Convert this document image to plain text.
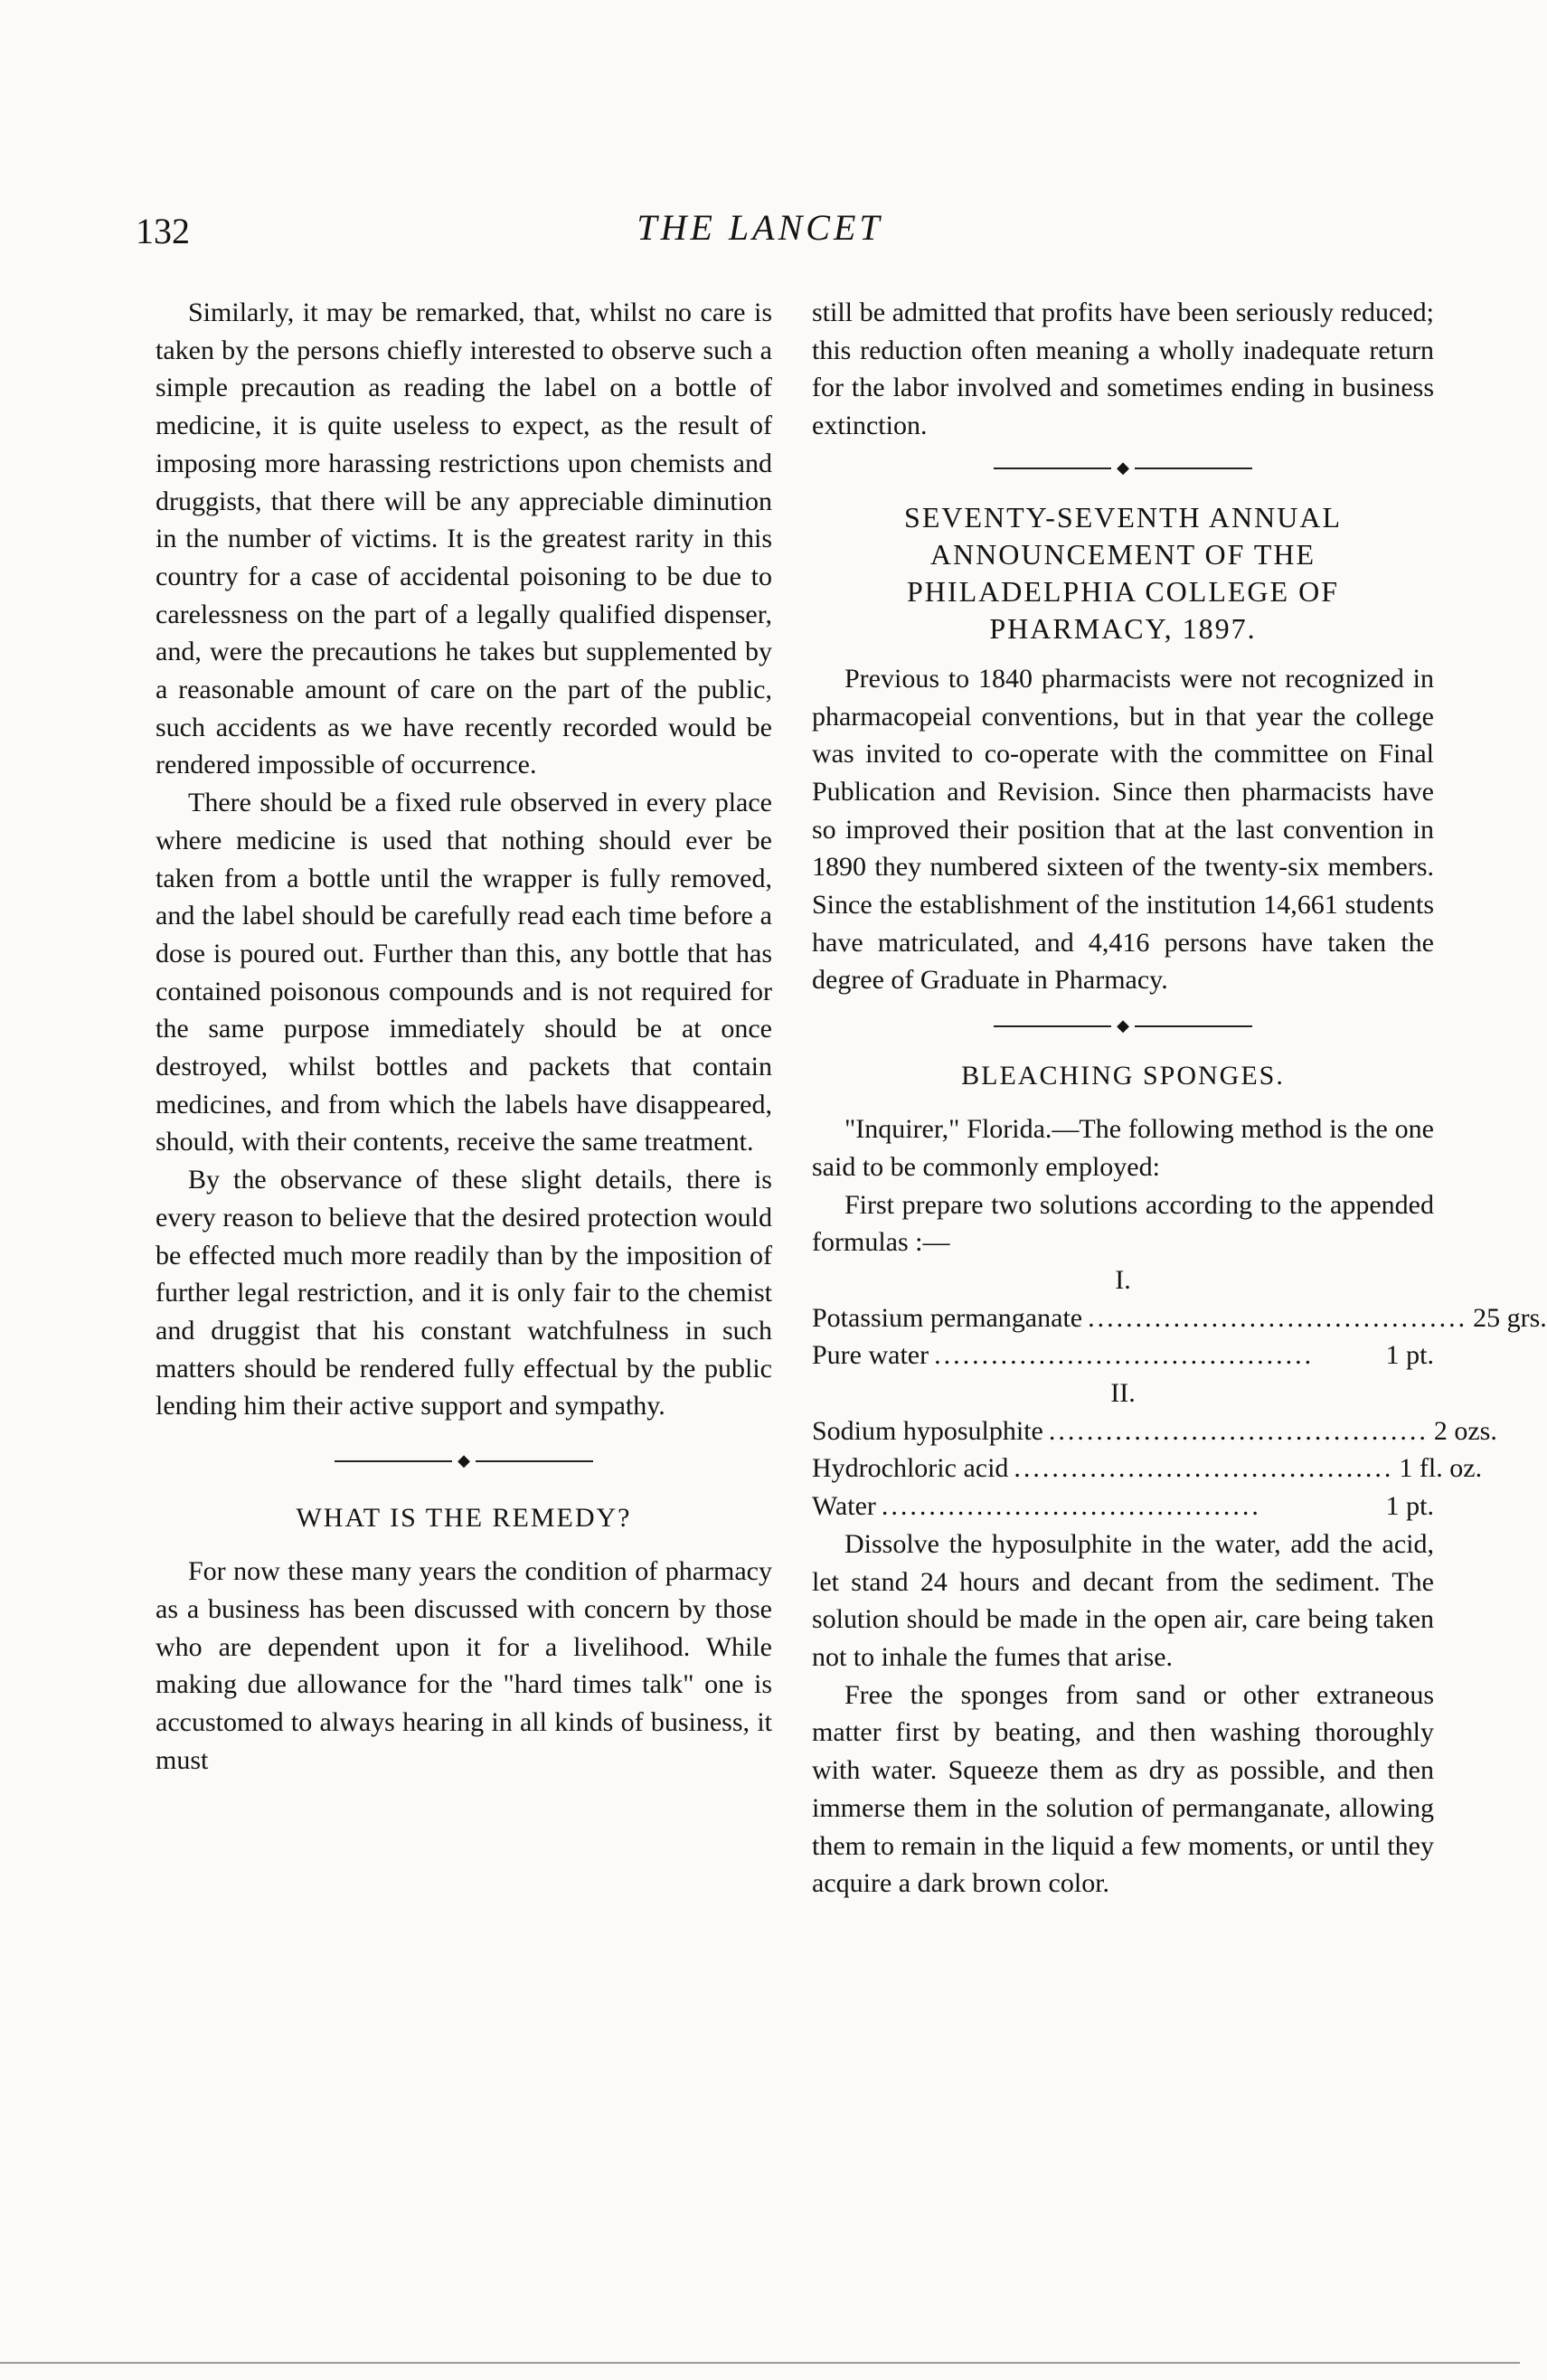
132	THE LANCET

Similarly, it may be remarked, that, whilst no care is taken by the persons chiefly interested to observe such a simple precaution as reading the label on a bottle of medicine, it is quite useless to expect, as the result of imposing more harassing restrictions upon chemists and druggists, that there will be any appreciable diminution in the number of victims. It is the greatest rarity in this country for a case of accidental poisoning to be due to carelessness on the part of a legally qualified dispenser, and, were the precautions he takes but supplemented by a reasonable amount of care on the part of the public, such accidents as we have recently recorded would be rendered impossible of occurrence.

There should be a fixed rule observed in every place where medicine is used that nothing should ever be taken from a bottle until the wrapper is fully removed, and the label should be carefully read each time before a dose is poured out. Further than this, any bottle that has contained poisonous compounds and is not required for the same purpose immediately should be at once destroyed, whilst bottles and packets that contain medicines, and from which the labels have disappeared, should, with their contents, receive the same treatment.

By the observance of these slight details, there is every reason to believe that the desired protection would be effected much more readily than by the imposition of further legal restriction, and it is only fair to the chemist and druggist that his constant watchfulness in such matters should be rendered fully effectual by the public lending him their active support and sympathy.

◆
WHAT IS THE REMEDY?

For now these many years the condition of pharmacy as a business has been discussed with concern by those who are dependent upon it for a livelihood. While making due allowance for the "hard times talk" one is accustomed to always hearing in all kinds of business, it must

still be admitted that profits have been seriously reduced; this reduction often meaning a wholly inadequate return for the labor involved and sometimes ending in business extinction.

◆
SEVENTY-SEVENTH ANNUAL ANNOUNCEMENT OF THE PHILADELPHIA COLLEGE OF PHARMACY, 1897.

Previous to 1840 pharmacists were not recognized in pharmacopeial conventions, but in that year the college was invited to co-operate with the committee on Final Publication and Revision. Since then pharmacists have so improved their position that at the last convention in 1890 they numbered sixteen of the twenty-six members. Since the establishment of the institution 14,661 students have matriculated, and 4,416 persons have taken the degree of Graduate in Pharmacy.

◆
BLEACHING SPONGES.

"Inquirer," Florida.—The following method is the one said to be commonly employed:

First prepare two solutions according to the appended formulas :—

I.
Potassium permanganate ........................................ 25 grs.
Pure water ........................................	1 pt.
II.
Sodium hyposulphite ........................................ 2 ozs.
Hydrochloric acid ........................................ 1 fl. oz.
Water ........................................	1 pt.

Dissolve the hyposulphite in the water, add the acid, let stand 24 hours and decant from the sediment. The solution should be made in the open air, care being taken not to inhale the fumes that arise.

Free the sponges from sand or other extraneous matter first by beating, and then washing thoroughly with water. Squeeze them as dry as possible, and then immerse them in the solution of permanganate, allowing them to remain in the liquid a few moments, or until they acquire a dark brown color.
